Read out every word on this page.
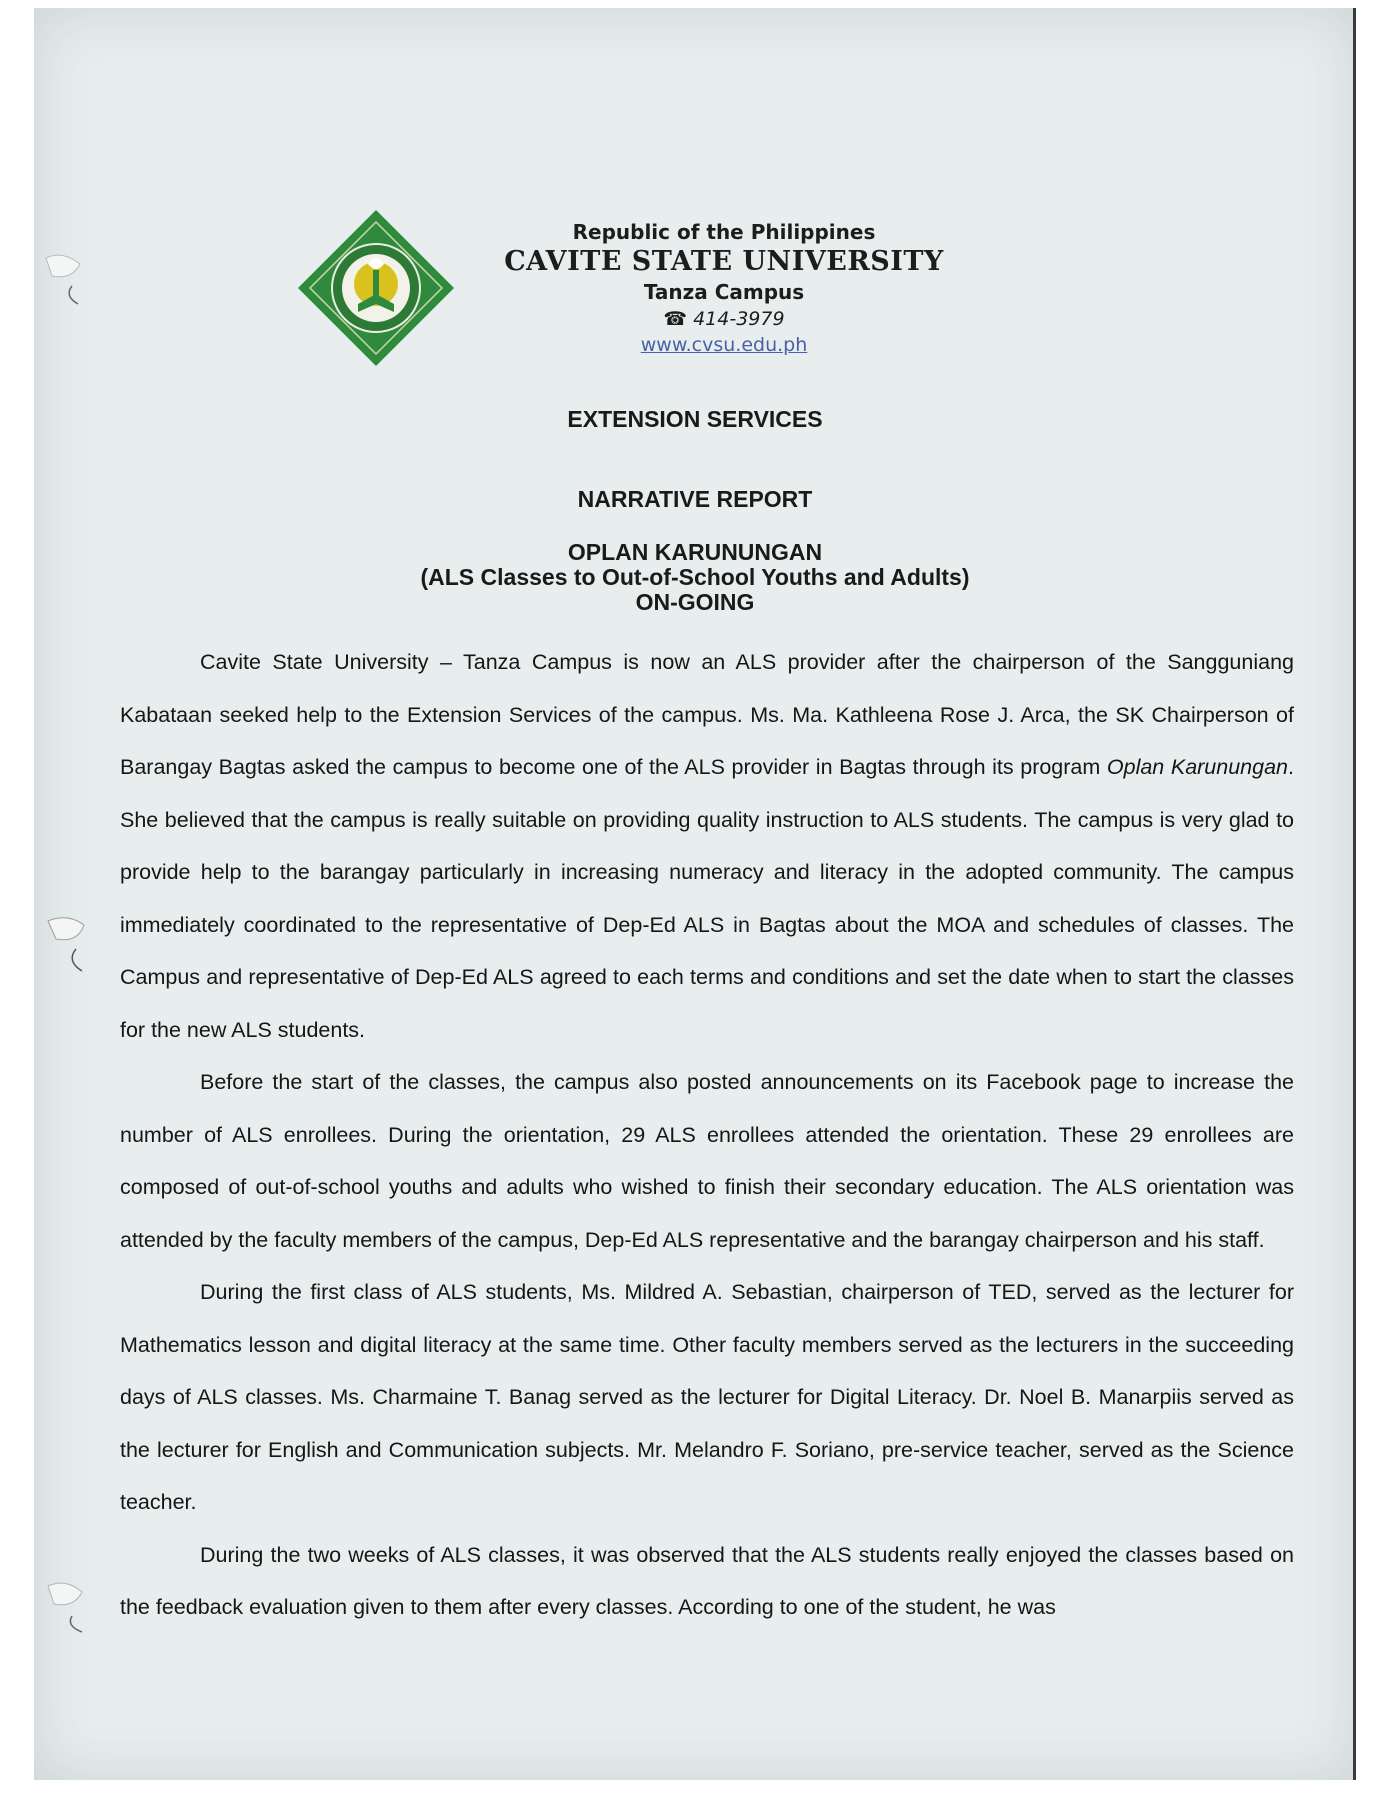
Republic of the Philippines
CAVITE STATE UNIVERSITY
Tanza Campus
☎ 414-3979
www.cvsu.edu.ph
EXTENSION SERVICES
NARRATIVE REPORT
OPLAN KARUNUNGAN
(ALS Classes to Out-of-School Youths and Adults)
ON-GOING

Cavite State University – Tanza Campus is now an ALS provider after the chairperson of the Sangguniang Kabataan seeked help to the Extension Services of the campus. Ms. Ma. Kathleena Rose J. Arca, the SK Chairperson of Barangay Bagtas asked the campus to become one of the ALS provider in Bagtas through its program Oplan Karunungan. She believed that the campus is really suitable on providing quality instruction to ALS students. The campus is very glad to provide help to the barangay particularly in increasing numeracy and literacy in the adopted community. The campus immediately coordinated to the representative of Dep-Ed ALS in Bagtas about the MOA and schedules of classes. The Campus and representative of Dep-Ed ALS agreed to each terms and conditions and set the date when to start the classes for the new ALS students.

Before the start of the classes, the campus also posted announcements on its Facebook page to increase the number of ALS enrollees. During the orientation, 29 ALS enrollees attended the orientation. These 29 enrollees are composed of out-of-school youths and adults who wished to finish their secondary education. The ALS orientation was attended by the faculty members of the campus, Dep-Ed ALS representative and the barangay chairperson and his staff.

During the first class of ALS students, Ms. Mildred A. Sebastian, chairperson of TED, served as the lecturer for Mathematics lesson and digital literacy at the same time. Other faculty members served as the lecturers in the succeeding days of ALS classes. Ms. Charmaine T. Banag served as the lecturer for Digital Literacy. Dr. Noel B. Manarpiis served as the lecturer for English and Communication subjects. Mr. Melandro F. Soriano, pre-service teacher, served as the Science teacher.

During the two weeks of ALS classes, it was observed that the ALS students really enjoyed the classes based on the feedback evaluation given to them after every classes. According to one of the student, he was
